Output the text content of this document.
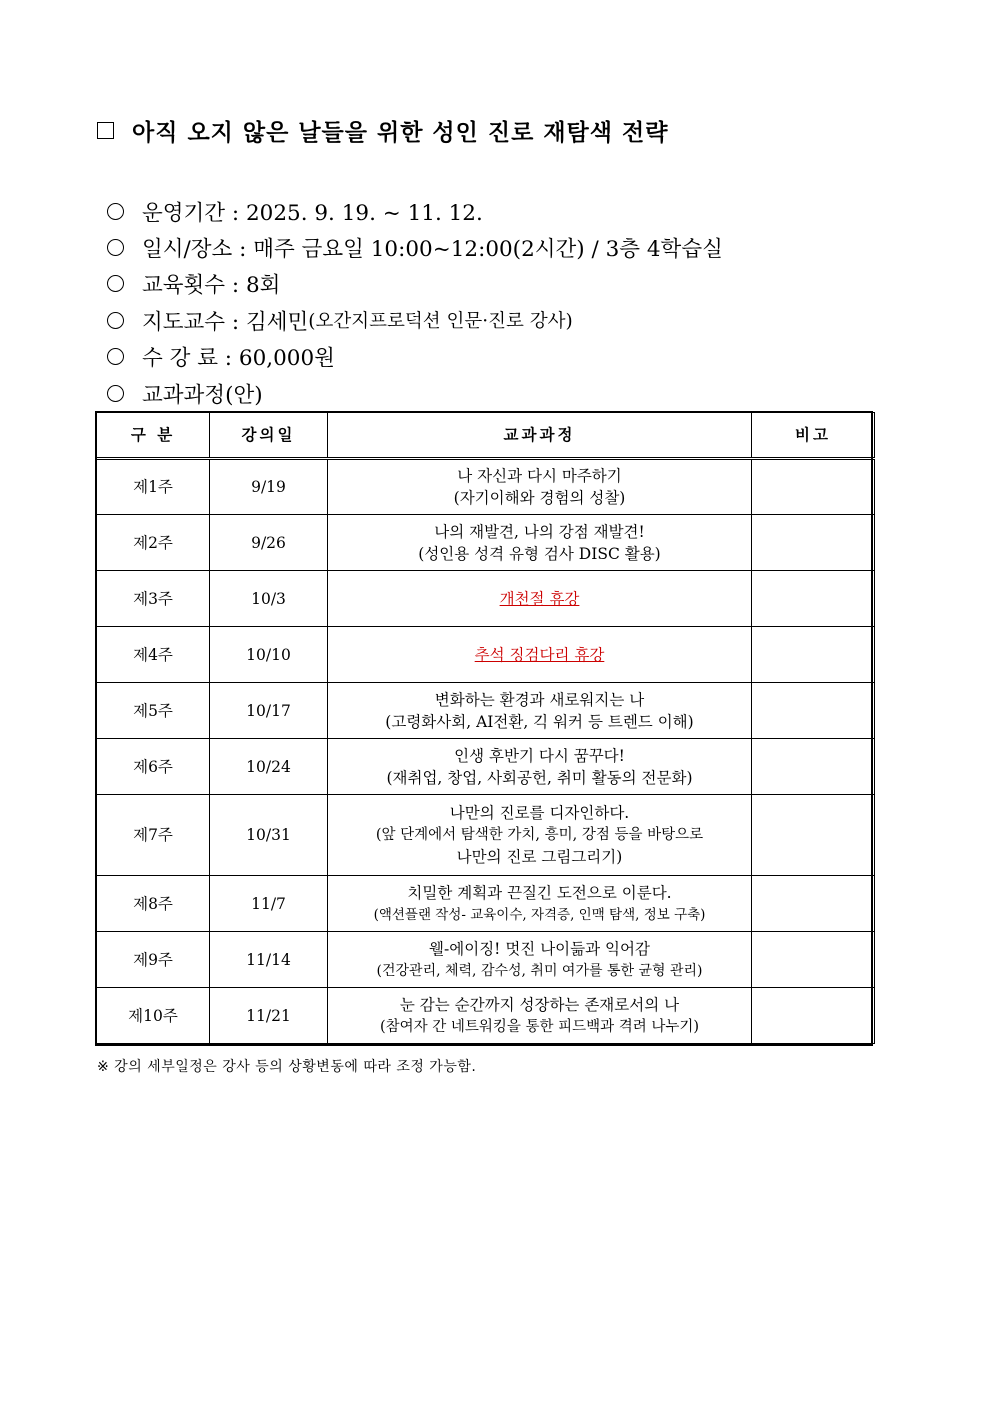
아직 오지 않은 날들을 위한 성인 진로 재탐색 전략
운영기간 : 2025. 9. 19. ~ 11. 12.
일시/장소 : 매주 금요일 10:00~12:00(2시간) / 3층 4학습실
교육횟수 : 8회
지도교수 : 김세민 (오간지프로덕션 인문·진로 강사)
수 강 료 : 60,000원
교과과정(안)
구 분	강의일	교과과정	비고
제1주	9/19	나 자신과 다시 마주하기
(자기이해와 경험의 성찰)	

제2주	9/26	나의 재발견, 나의 강점 재발견!
(성인용 성격 유형 검사 DISC 활용)	

제3주	10/3	개천절 휴강	
제4주	10/10	추석 징검다리 휴강	
제5주	10/17	변화하는 환경과 새로워지는 나
(고령화사회, AI전환, 긱 워커 등 트렌드 이해)	

제6주	10/24	인생 후반기 다시 꿈꾸다!
(재취업, 창업, 사회공헌, 취미 활동의 전문화)	

제7주	10/31	나만의 진로를 디자인하다.
(앞 단계에서 탐색한 가치, 흥미, 강점 등을 바탕으로
나만의 진로 그림그리기)	

제8주	11/7	치밀한 계획과 끈질긴 도전으로 이룬다.
(액션플랜 작성- 교육이수, 자격증, 인맥 탐색, 정보 구축)	

제9주	11/14	웰-에이징! 멋진 나이듦과 익어감
(건강관리, 체력, 감수성, 취미 여가를 통한 균형 관리)	

제10주	11/21	눈 감는 순간까지 성장하는 존재로서의 나
(참여자 간 네트워킹을 통한 피드백과 격려 나누기)	

※ 강의 세부일정은 강사 등의 상황변동에 따라 조정 가능함.
